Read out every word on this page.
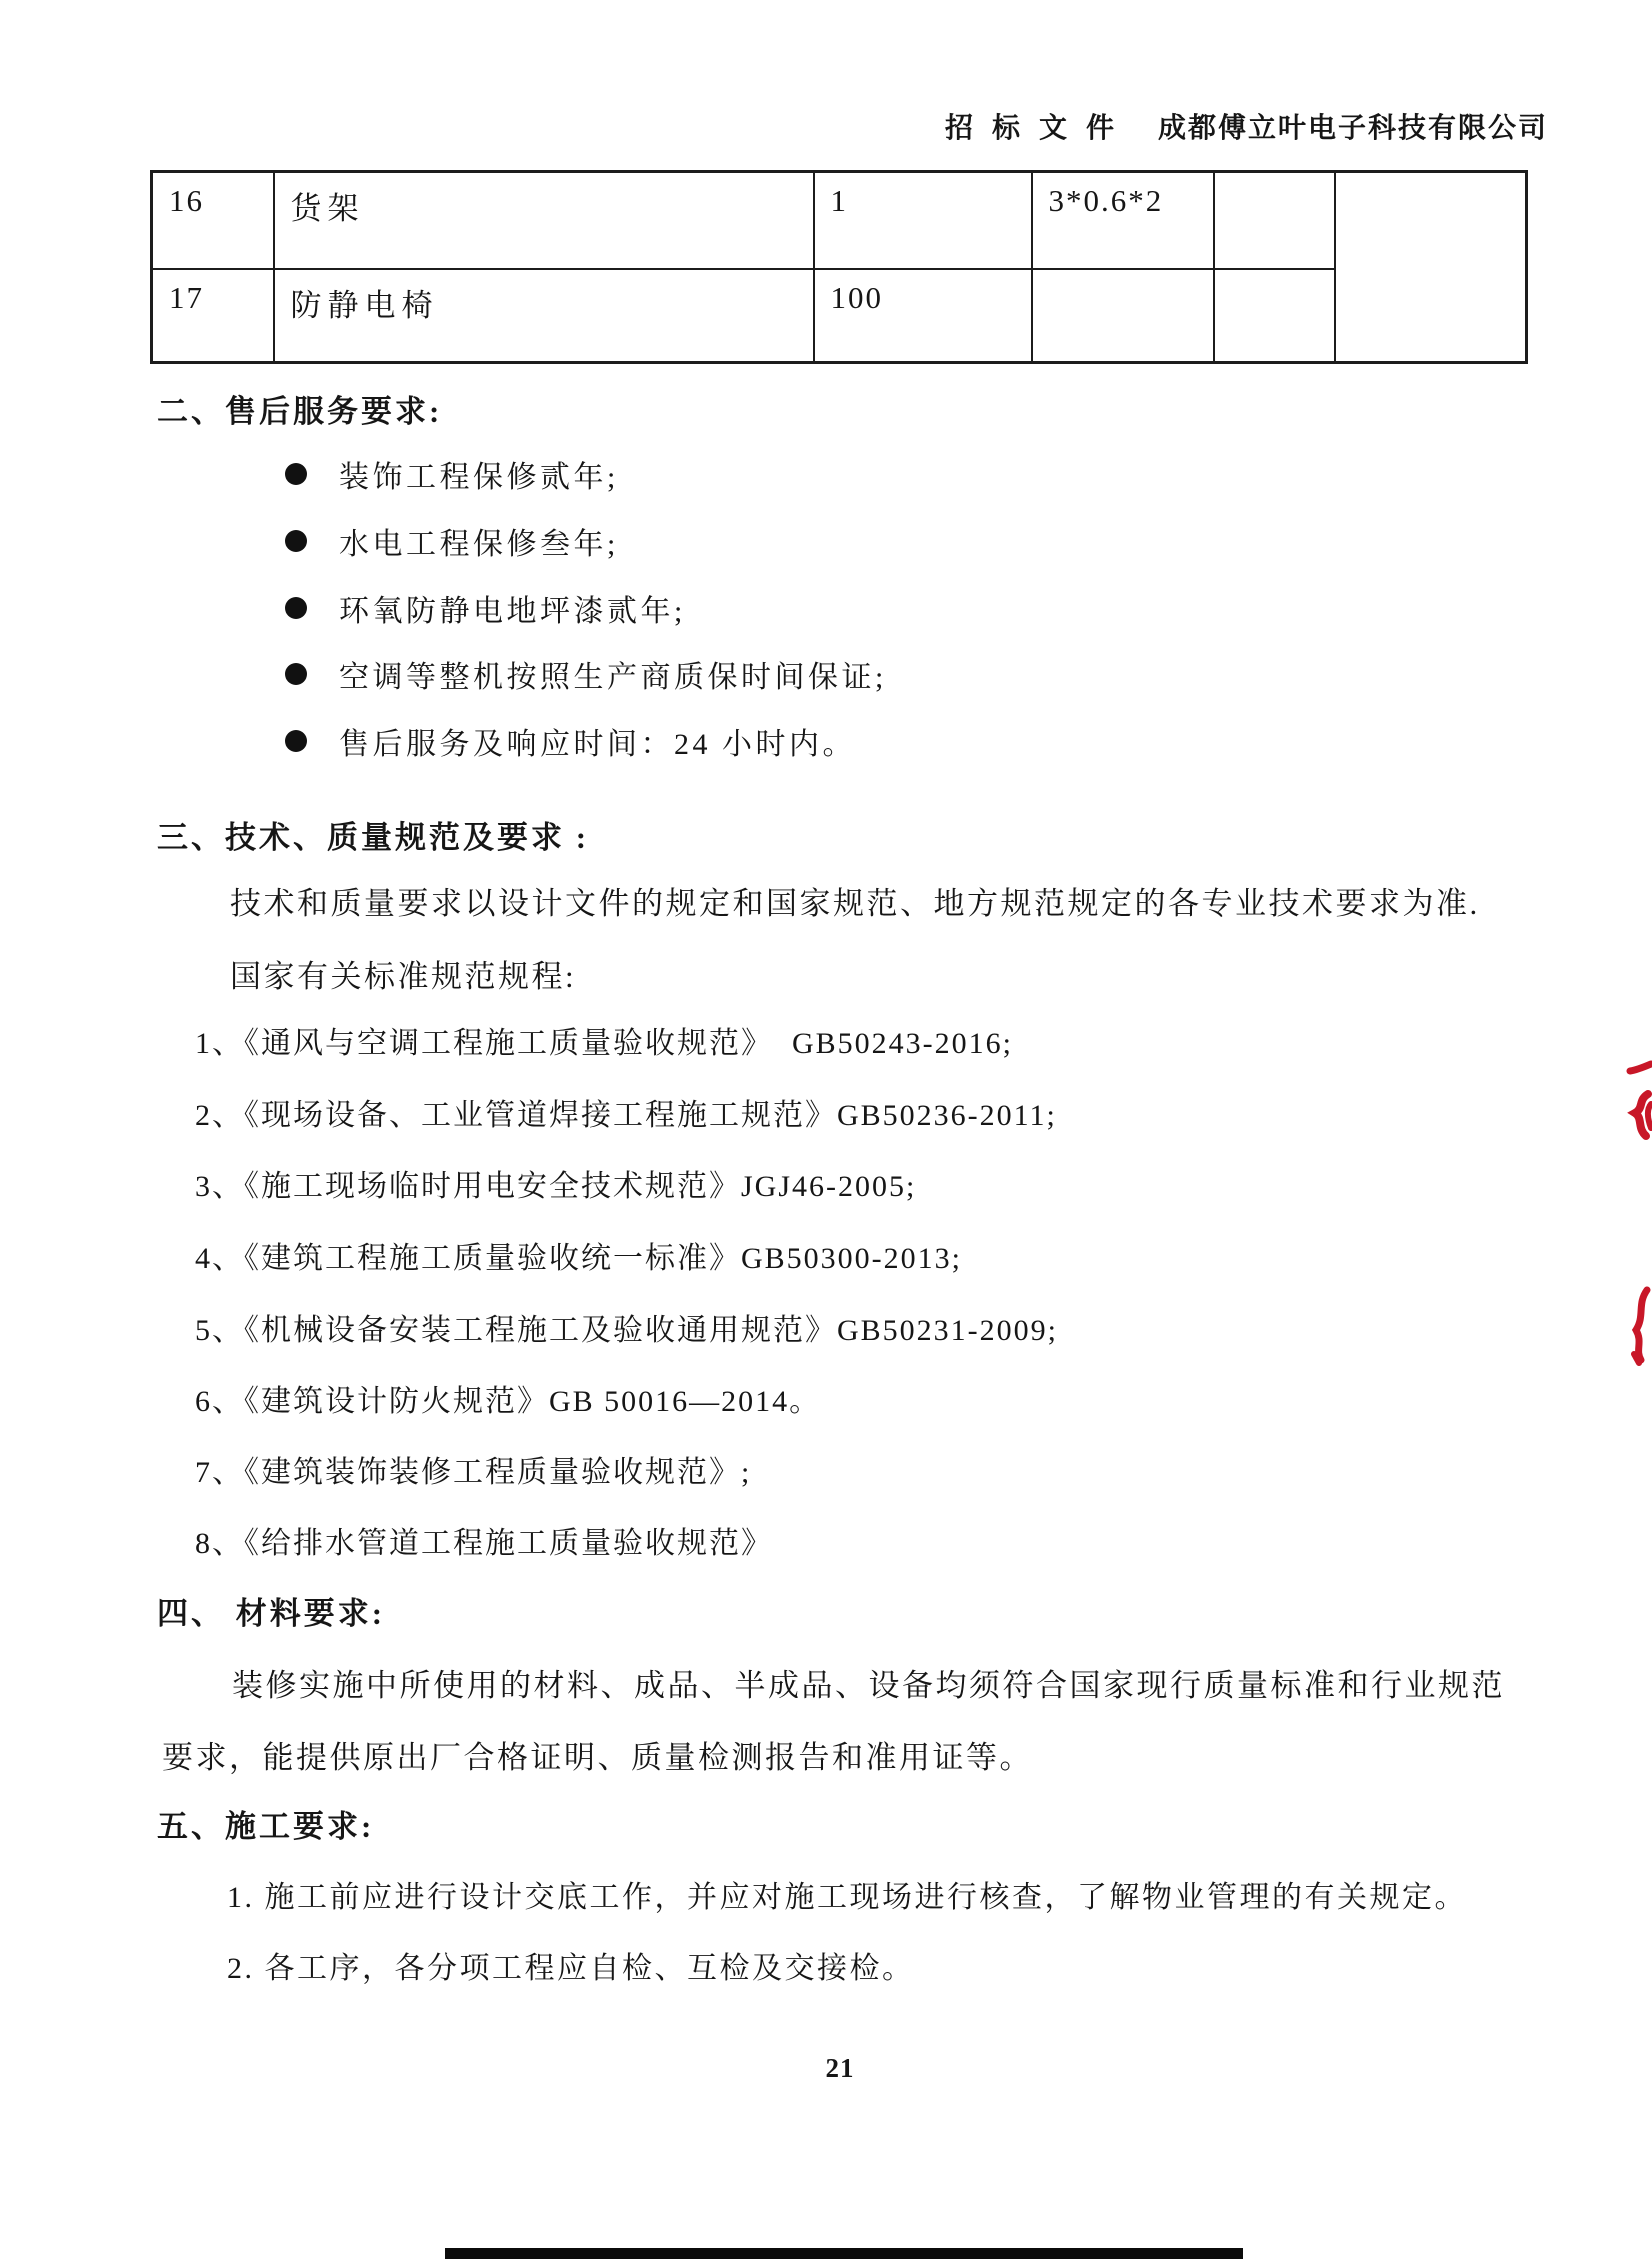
招 标 文 件 成都傅立叶电子科技有限公司
16	货架	1	3*0.6*2		
17	防静电椅	100			
二、售后服务要求:
装饰工程保修贰年;
水电工程保修叁年;
环氧防静电地坪漆贰年;
空调等整机按照生产商质保时间保证;
售后服务及响应时间：24 小时内。
三、技术、质量规范及要求 :
技术和质量要求以设计文件的规定和国家规范、地方规范规定的各专业技术要求为准.
国家有关标准规范规程:
1、《通风与空调工程施工质量验收规范》  GB50243-2016;
2、《现场设备、工业管道焊接工程施工规范》GB50236-2011;
3、《施工现场临时用电安全技术规范》JGJ46-2005;
4、《建筑工程施工质量验收统一标准》GB50300-2013;
5、《机械设备安装工程施工及验收通用规范》GB50231-2009;
6、《建筑设计防火规范》GB 50016—2014。
7、《建筑装饰装修工程质量验收规范》;
8、《给排水管道工程施工质量验收规范》
四、 材料要求:
装修实施中所使用的材料、成品、半成品、设备均须符合国家现行质量标准和行业规范
要求，能提供原出厂合格证明、质量检测报告和准用证等。
五、施工要求:
1. 施工前应进行设计交底工作，并应对施工现场进行核查，了解物业管理的有关规定。
2. 各工序，各分项工程应自检、互检及交接检。
21
